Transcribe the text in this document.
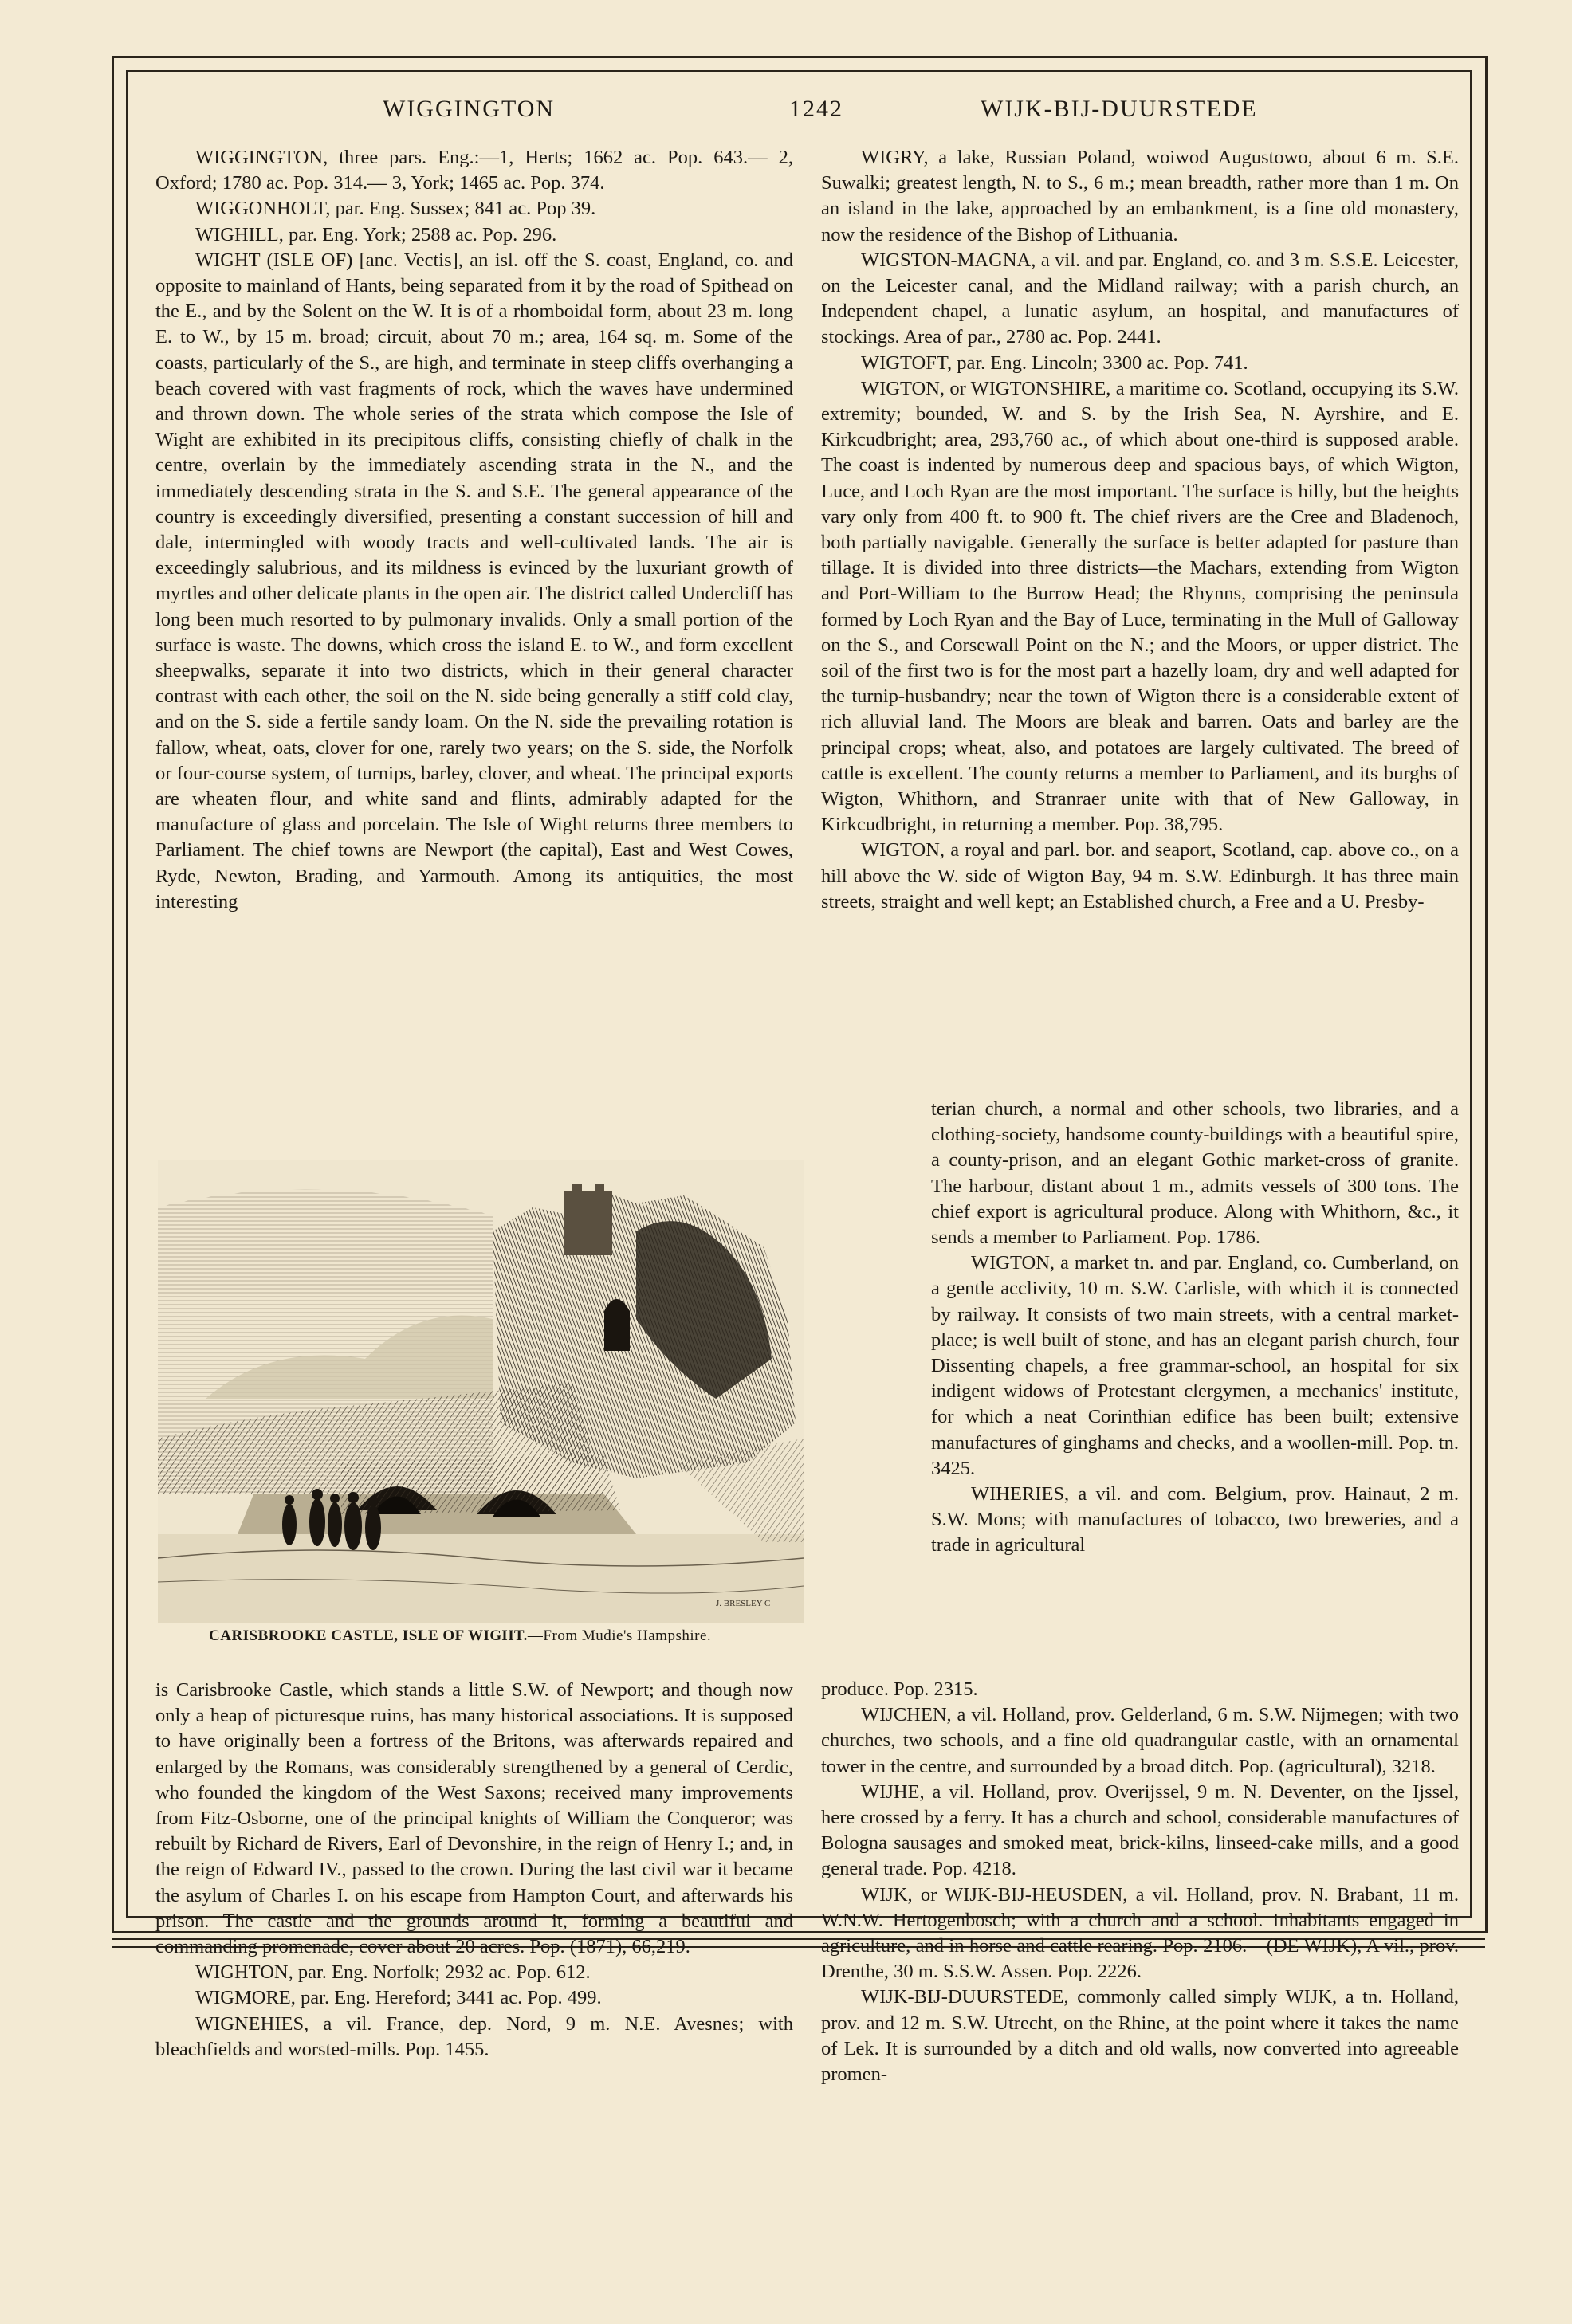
WIGGINGTON	1242	WIJK-BIJ-DUURSTEDE

WIGGINGTON, three pars. Eng.:—1, Herts; 1662 ac. Pop. 643.— 2, Oxford; 1780 ac. Pop. 314.— 3, York; 1465 ac. Pop. 374.

WIGGONHOLT, par. Eng. Sussex; 841 ac. Pop 39.

WIGHILL, par. Eng. York; 2588 ac. Pop. 296.

WIGHT (ISLE OF) [anc. Vectis], an isl. off the S. coast, England, co. and opposite to mainland of Hants, being separated from it by the road of Spithead on the E., and by the Solent on the W. It is of a rhomboidal form, about 23 m. long E. to W., by 15 m. broad; circuit, about 70 m.; area, 164 sq. m. Some of the coasts, particularly of the S., are high, and terminate in steep cliffs overhanging a beach covered with vast fragments of rock, which the waves have undermined and thrown down. The whole series of the strata which compose the Isle of Wight are exhibited in its precipitous cliffs, consisting chiefly of chalk in the centre, overlain by the immediately ascending strata in the N., and the immediately descending strata in the S. and S.E. The general appearance of the country is exceedingly diversified, presenting a constant succession of hill and dale, intermingled with woody tracts and well-cultivated lands. The air is exceedingly salubrious, and its mildness is evinced by the luxuriant growth of myrtles and other delicate plants in the open air. The district called Undercliff has long been much resorted to by pulmonary invalids. Only a small portion of the surface is waste. The downs, which cross the island E. to W., and form excellent sheepwalks, separate it into two districts, which in their general character contrast with each other, the soil on the N. side being generally a stiff cold clay, and on the S. side a fertile sandy loam. On the N. side the prevailing rotation is fallow, wheat, oats, clover for one, rarely two years; on the S. side, the Norfolk or four-course system, of turnips, barley, clover, and wheat. The principal exports are wheaten flour, and white sand and flints, admirably adapted for the manufacture of glass and porcelain. The Isle of Wight returns three members to Parliament. The chief towns are Newport (the capital), East and West Cowes, Ryde, Newton, Brading, and Yarmouth. Among its antiquities, the most interesting

J. BRESLEY C
CARISBROOKE CASTLE, ISLE OF WIGHT.—From Mudie's Hampshire.

is Carisbrooke Castle, which stands a little S.W. of Newport; and though now only a heap of picturesque ruins, has many historical associations. It is supposed to have originally been a fortress of the Britons, was afterwards repaired and enlarged by the Romans, was considerably strengthened by a general of Cerdic, who founded the kingdom of the West Saxons; received many improvements from Fitz-Osborne, one of the principal knights of William the Conqueror; was rebuilt by Richard de Rivers, Earl of Devonshire, in the reign of Henry I.; and, in the reign of Edward IV., passed to the crown. During the last civil war it became the asylum of Charles I. on his escape from Hampton Court, and afterwards his prison. The castle and the grounds around it, forming a beautiful and commanding promenade, cover about 20 acres. Pop. (1871), 66,219.

WIGHTON, par. Eng. Norfolk; 2932 ac. Pop. 612.

WIGMORE, par. Eng. Hereford; 3441 ac. Pop. 499.

WIGNEHIES, a vil. France, dep. Nord, 9 m. N.E. Avesnes; with bleachfields and worsted-mills. Pop. 1455.

WIGRY, a lake, Russian Poland, woiwod Augustowo, about 6 m. S.E. Suwalki; greatest length, N. to S., 6 m.; mean breadth, rather more than 1 m. On an island in the lake, approached by an embankment, is a fine old monastery, now the residence of the Bishop of Lithuania.

WIGSTON-MAGNA, a vil. and par. England, co. and 3 m. S.S.E. Leicester, on the Leicester canal, and the Midland railway; with a parish church, an Independent chapel, a lunatic asylum, an hospital, and manufactures of stockings. Area of par., 2780 ac. Pop. 2441.

WIGTOFT, par. Eng. Lincoln; 3300 ac. Pop. 741.

WIGTON, or WIGTONSHIRE, a maritime co. Scotland, occupying its S.W. extremity; bounded, W. and S. by the Irish Sea, N. Ayrshire, and E. Kirkcudbright; area, 293,760 ac., of which about one-third is supposed arable. The coast is indented by numerous deep and spacious bays, of which Wigton, Luce, and Loch Ryan are the most important. The surface is hilly, but the heights vary only from 400 ft. to 900 ft. The chief rivers are the Cree and Bladenoch, both partially navigable. Generally the surface is better adapted for pasture than tillage. It is divided into three districts—the Machars, extending from Wigton and Port-William to the Burrow Head; the Rhynns, comprising the peninsula formed by Loch Ryan and the Bay of Luce, terminating in the Mull of Galloway on the S., and Corsewall Point on the N.; and the Moors, or upper district. The soil of the first two is for the most part a hazelly loam, dry and well adapted for the turnip-husbandry; near the town of Wigton there is a considerable extent of rich alluvial land. The Moors are bleak and barren. Oats and barley are the principal crops; wheat, also, and potatoes are largely cultivated. The breed of cattle is excellent. The county returns a member to Parliament, and its burghs of Wigton, Whithorn, and Stranraer unite with that of New Galloway, in Kirkcudbright, in returning a member. Pop. 38,795.

WIGTON, a royal and parl. bor. and seaport, Scotland, cap. above co., on a hill above the W. side of Wigton Bay, 94 m. S.W. Edinburgh. It has three main streets, straight and well kept; an Established church, a Free and a U. Presby-

terian church, a normal and other schools, two libraries, and a clothing-society, handsome county-buildings with a beautiful spire, a county-prison, and an elegant Gothic market-cross of granite. The harbour, distant about 1 m., admits vessels of 300 tons. The chief export is agricultural produce. Along with Whithorn, &c., it sends a member to Parliament. Pop. 1786.

WIGTON, a market tn. and par. England, co. Cumberland, on a gentle acclivity, 10 m. S.W. Carlisle, with which it is connected by railway. It consists of two main streets, with a central market-place; is well built of stone, and has an elegant parish church, four Dissenting chapels, a free grammar-school, an hospital for six indigent widows of Protestant clergymen, a mechanics' institute, for which a neat Corinthian edifice has been built; extensive manufactures of ginghams and checks, and a woollen-mill. Pop. tn. 3425.

WIHERIES, a vil. and com. Belgium, prov. Hainaut, 2 m. S.W. Mons; with manufactures of tobacco, two breweries, and a trade in agricultural

produce. Pop. 2315.

WIJCHEN, a vil. Holland, prov. Gelderland, 6 m. S.W. Nijmegen; with two churches, two schools, and a fine old quadrangular castle, with an ornamental tower in the centre, and surrounded by a broad ditch. Pop. (agricultural), 3218.

WIJHE, a vil. Holland, prov. Overijssel, 9 m. N. Deventer, on the Ijssel, here crossed by a ferry. It has a church and school, considerable manufactures of Bologna sausages and smoked meat, brick-kilns, linseed-cake mills, and a good general trade. Pop. 4218.

WIJK, or WIJK-BIJ-HEUSDEN, a vil. Holland, prov. N. Brabant, 11 m. W.N.W. Hertogenbosch; with a church and a school. Inhabitants engaged in agriculture, and in horse and cattle rearing. Pop. 2106.—(DE WIJK), A vil., prov. Drenthe, 30 m. S.S.W. Assen. Pop. 2226.

WIJK-BIJ-DUURSTEDE, commonly called simply WIJK, a tn. Holland, prov. and 12 m. S.W. Utrecht, on the Rhine, at the point where it takes the name of Lek. It is surrounded by a ditch and old walls, now converted into agreeable promen-
